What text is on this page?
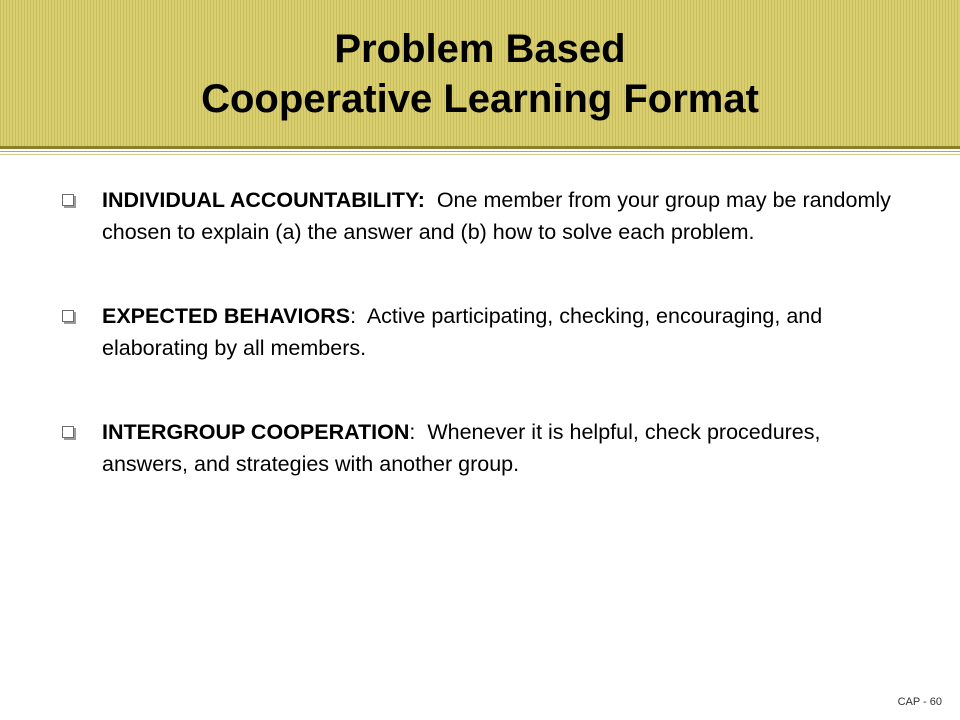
Problem Based
Cooperative Learning Format
INDIVIDUAL ACCOUNTABILITY:  One member from your group may be randomly chosen to explain (a) the answer and (b) how to solve each problem.
EXPECTED BEHAVIORS:  Active participating, checking, encouraging, and elaborating by all members.
INTERGROUP COOPERATION:  Whenever it is helpful, check procedures, answers, and strategies with another group.
CAP - 60
